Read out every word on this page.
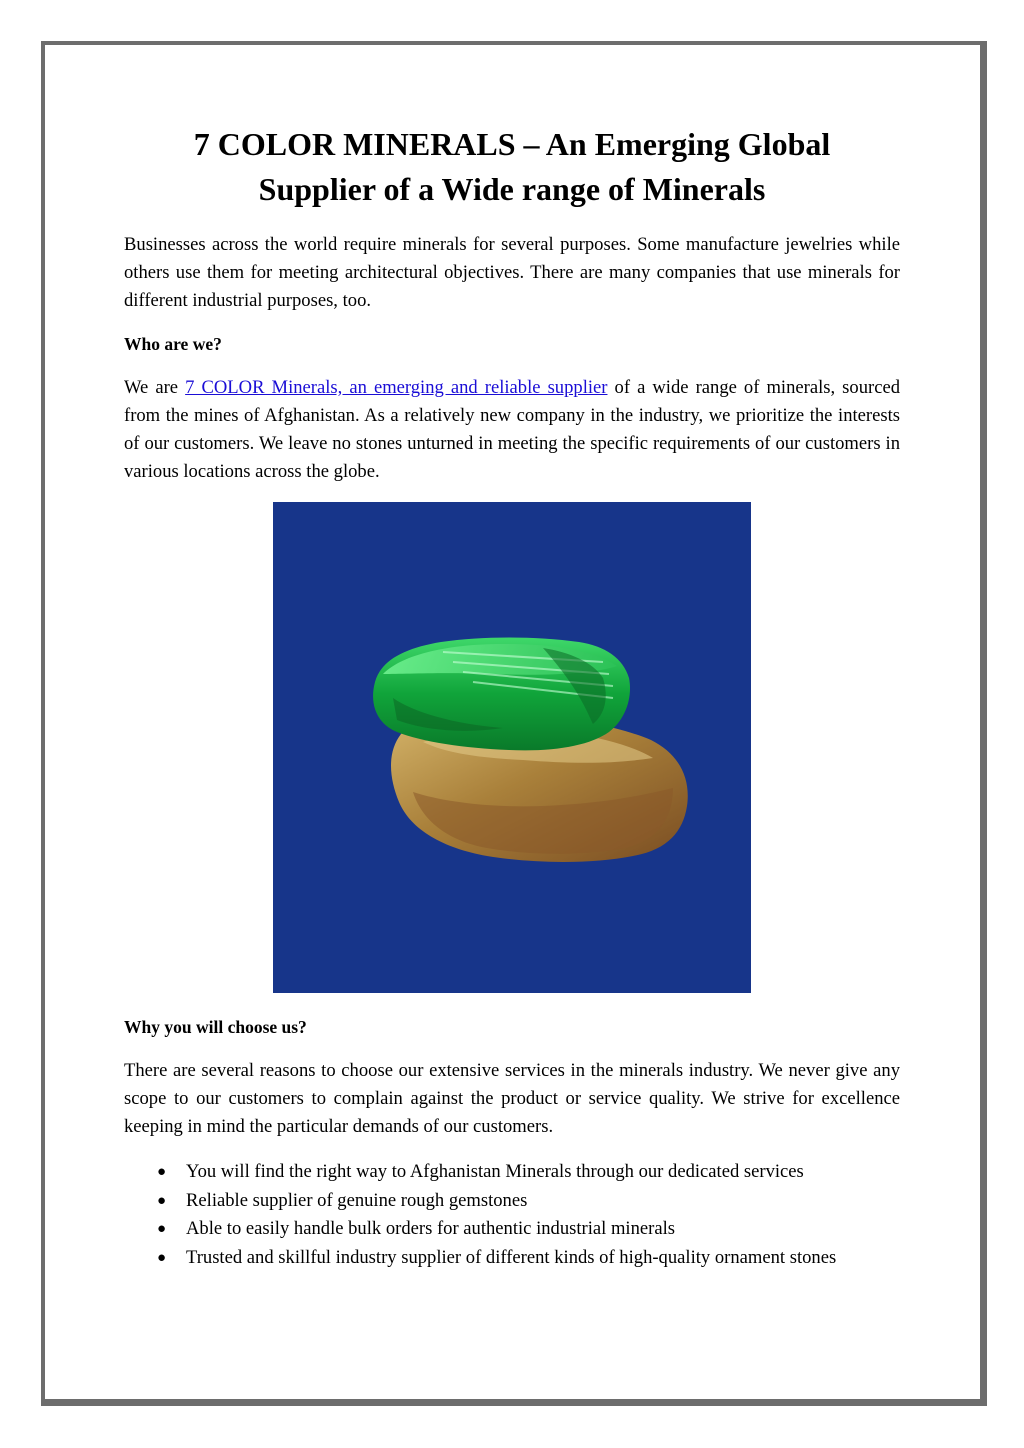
7 COLOR MINERALS – An Emerging Global
Supplier of a Wide range of Minerals

Businesses across the world require minerals for several purposes. Some manufacture jewelries while others use them for meeting architectural objectives. There are many companies that use minerals for different industrial purposes, too.

Who are we?

We are 7 COLOR Minerals, an emerging and reliable supplier of a wide range of minerals, sourced from the mines of Afghanistan. As a relatively new company in the industry, we prioritize the interests of our customers. We leave no stones unturned in meeting the specific requirements of our customers in various locations across the globe.

Why you will choose us?

There are several reasons to choose our extensive services in the minerals industry. We never give any scope to our customers to complain against the product or service quality. We strive for excellence keeping in mind the particular demands of our customers.

● You will find the right way to Afghanistan Minerals through our dedicated services
● Reliable supplier of genuine rough gemstones
● Able to easily handle bulk orders for authentic industrial minerals
● Trusted and skillful industry supplier of different kinds of high-quality ornament stones
